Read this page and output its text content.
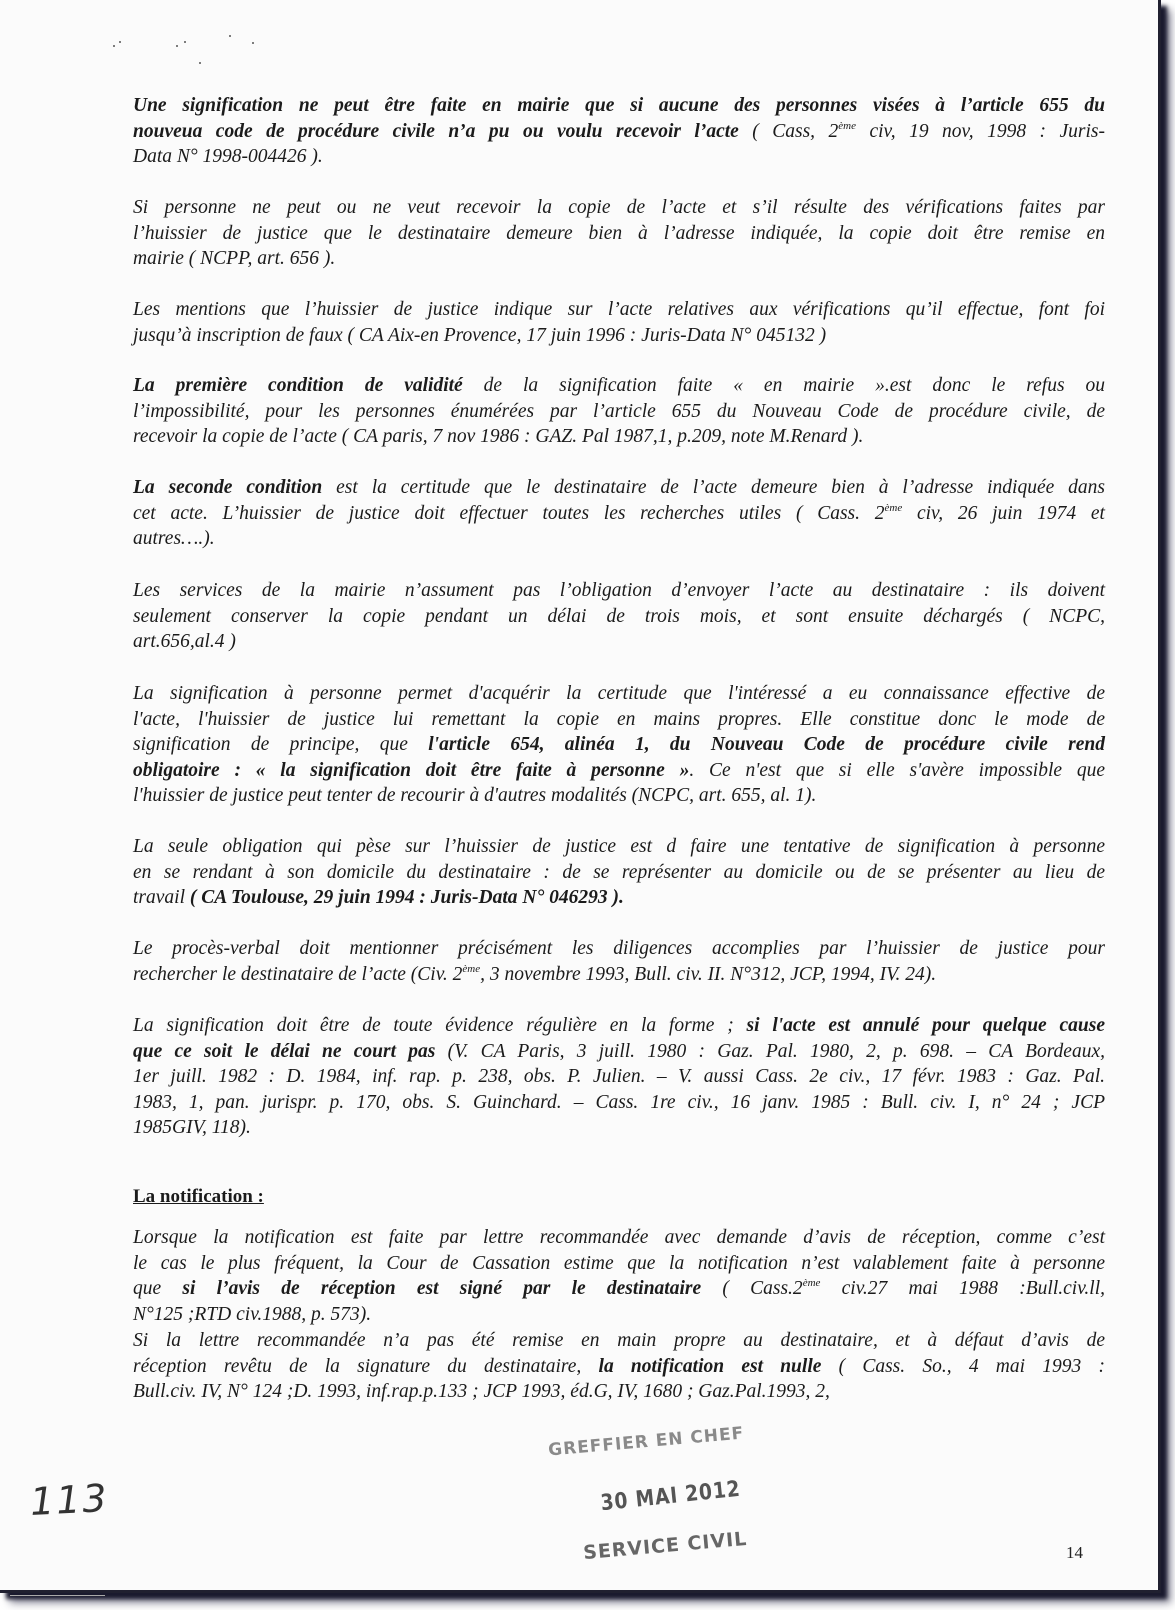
Une signification ne peut être faite en mairie que si aucune des personnes visées à l’article 655 du
nouveua code de procédure civile n’a pu ou voulu recevoir l’acte ( Cass, 2ème civ, 19 nov, 1998 : Juris-
Data N° 1998-004426 ).
Si personne ne peut ou ne veut recevoir la copie de l’acte et s’il résulte des vérifications faites par
l’huissier de justice que le destinataire demeure bien à l’adresse indiquée, la copie doit être remise en
mairie ( NCPP, art. 656 ).
Les mentions que l’huissier de justice indique sur l’acte relatives aux vérifications qu’il effectue, font foi
jusqu’à inscription de faux ( CA Aix-en Provence, 17 juin 1996 : Juris-Data N° 045132 )
La première condition de validité de la signification faite « en mairie ».est donc le refus ou
l’impossibilité, pour les personnes énumérées par l’article 655 du Nouveau Code de procédure civile, de
recevoir la copie de l’acte ( CA paris, 7 nov 1986 : GAZ. Pal 1987,1, p.209, note M.Renard ).
La seconde condition est la certitude que le destinataire de l’acte demeure bien à l’adresse indiquée dans
cet acte. L’huissier de justice doit effectuer toutes les recherches utiles ( Cass. 2ème civ, 26 juin 1974 et
autres….).
Les services de la mairie n’assument pas l’obligation d’envoyer l’acte au destinataire : ils doivent
seulement conserver la copie pendant un délai de trois mois, et sont ensuite déchargés ( NCPC,
art.656,al.4 )
La signification à personne permet d'acquérir la certitude que l'intéressé a eu connaissance effective de
l'acte, l'huissier de justice lui remettant la copie en mains propres. Elle constitue donc le mode de
signification de principe, que l'article 654, alinéa 1, du Nouveau Code de procédure civile rend
obligatoire : « la signification doit être faite à personne ». Ce n'est que si elle s'avère impossible que
l'huissier de justice peut tenter de recourir à d'autres modalités (NCPC, art. 655, al. 1).
La seule obligation qui pèse sur l’huissier de justice est d faire une tentative de signification à personne
en se rendant à son domicile du destinataire : de se représenter au domicile ou de se présenter au lieu de
travail ( CA Toulouse, 29 juin 1994 : Juris-Data N° 046293 ).
Le procès-verbal doit mentionner précisément les diligences accomplies par l’huissier de justice pour
rechercher le destinataire de l’acte (Civ. 2ème, 3 novembre 1993, Bull. civ. II. N°312, JCP, 1994, IV. 24).
La signification doit être de toute évidence régulière en la forme ; si l'acte est annulé pour quelque cause
que ce soit le délai ne court pas (V. CA Paris, 3 juill. 1980 : Gaz. Pal. 1980, 2, p. 698. – CA Bordeaux,
1er juill. 1982 : D. 1984, inf. rap. p. 238, obs. P. Julien. – V. aussi Cass. 2e civ., 17 févr. 1983 : Gaz. Pal.
1983, 1, pan. jurispr. p. 170, obs. S. Guinchard. – Cass. 1re civ., 16 janv. 1985 : Bull. civ. I, n° 24 ; JCP
1985GIV, 118).
Lorsque la notification est faite par lettre recommandée avec demande d’avis de réception, comme c’est
le cas le plus fréquent, la Cour de Cassation estime que la notification n’est valablement faite à personne
que si l’avis de réception est signé par le destinataire ( Cass.2ème civ.27 mai 1988 :Bull.civ.ll,
N°125 ;RTD civ.1988, p. 573).
Si la lettre recommandée n’a pas été remise en main propre au destinataire, et à défaut d’avis de
réception revêtu de la signature du destinataire, la notification est nulle ( Cass. So., 4 mai 1993 :
Bull.civ. IV, N° 124 ;D. 1993, inf.rap.p.133 ; JCP 1993, éd.G, IV, 1680 ; Gaz.Pal.1993, 2,
La notification :
113
GREFFIER EN CHEF
30 MAI 2012
SERVICE CIVIL	14
